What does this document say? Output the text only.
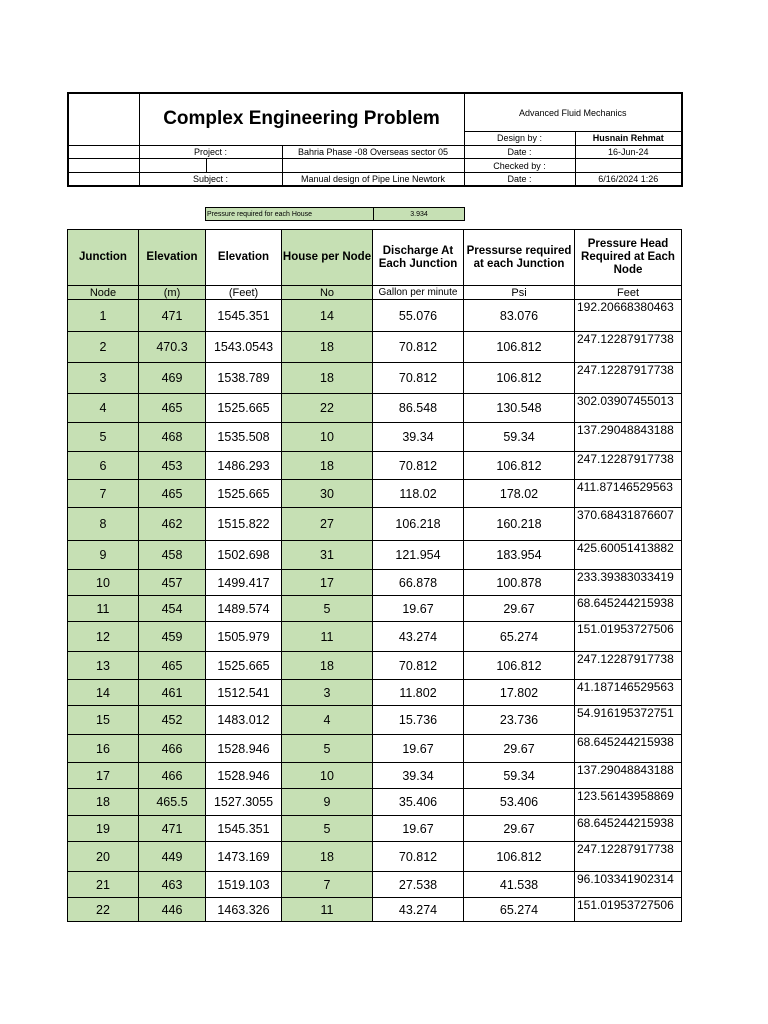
	Complex Engineering Problem			Advanced Fluid Mechanics	
				Design by :	Husnain Rehmat
	Project :		Bahria Phase -08 Overseas sector 05	Date :	16-Jun-24
				Checked by :	
	Subject :		Manual design of Pipe Line Newtork	Date :	6/16/2024 1:26
Pressure required for each House	3.934
Junction	Elevation	Elevation	House per Node	Discharge At Each Junction	Pressurse required at each Junction	Pressure Head Required at Each Node
Node	(m)	(Feet)	No	Gallon per minute	Psi	Feet
1	471	1545.351	14	55.076	83.076	192.20668380463
2	470.3	1543.0543	18	70.812	106.812	247.12287917738
3	469	1538.789	18	70.812	106.812	247.12287917738
4	465	1525.665	22	86.548	130.548	302.03907455013
5	468	1535.508	10	39.34	59.34	137.29048843188
6	453	1486.293	18	70.812	106.812	247.12287917738
7	465	1525.665	30	118.02	178.02	411.87146529563
8	462	1515.822	27	106.218	160.218	370.68431876607
9	458	1502.698	31	121.954	183.954	425.60051413882
10	457	1499.417	17	66.878	100.878	233.39383033419
11	454	1489.574	5	19.67	29.67	68.645244215938
12	459	1505.979	11	43.274	65.274	151.01953727506
13	465	1525.665	18	70.812	106.812	247.12287917738
14	461	1512.541	3	11.802	17.802	41.187146529563
15	452	1483.012	4	15.736	23.736	54.916195372751
16	466	1528.946	5	19.67	29.67	68.645244215938
17	466	1528.946	10	39.34	59.34	137.29048843188
18	465.5	1527.3055	9	35.406	53.406	123.56143958869
19	471	1545.351	5	19.67	29.67	68.645244215938
20	449	1473.169	18	70.812	106.812	247.12287917738
21	463	1519.103	7	27.538	41.538	96.103341902314
22	446	1463.326	11	43.274	65.274	151.01953727506
